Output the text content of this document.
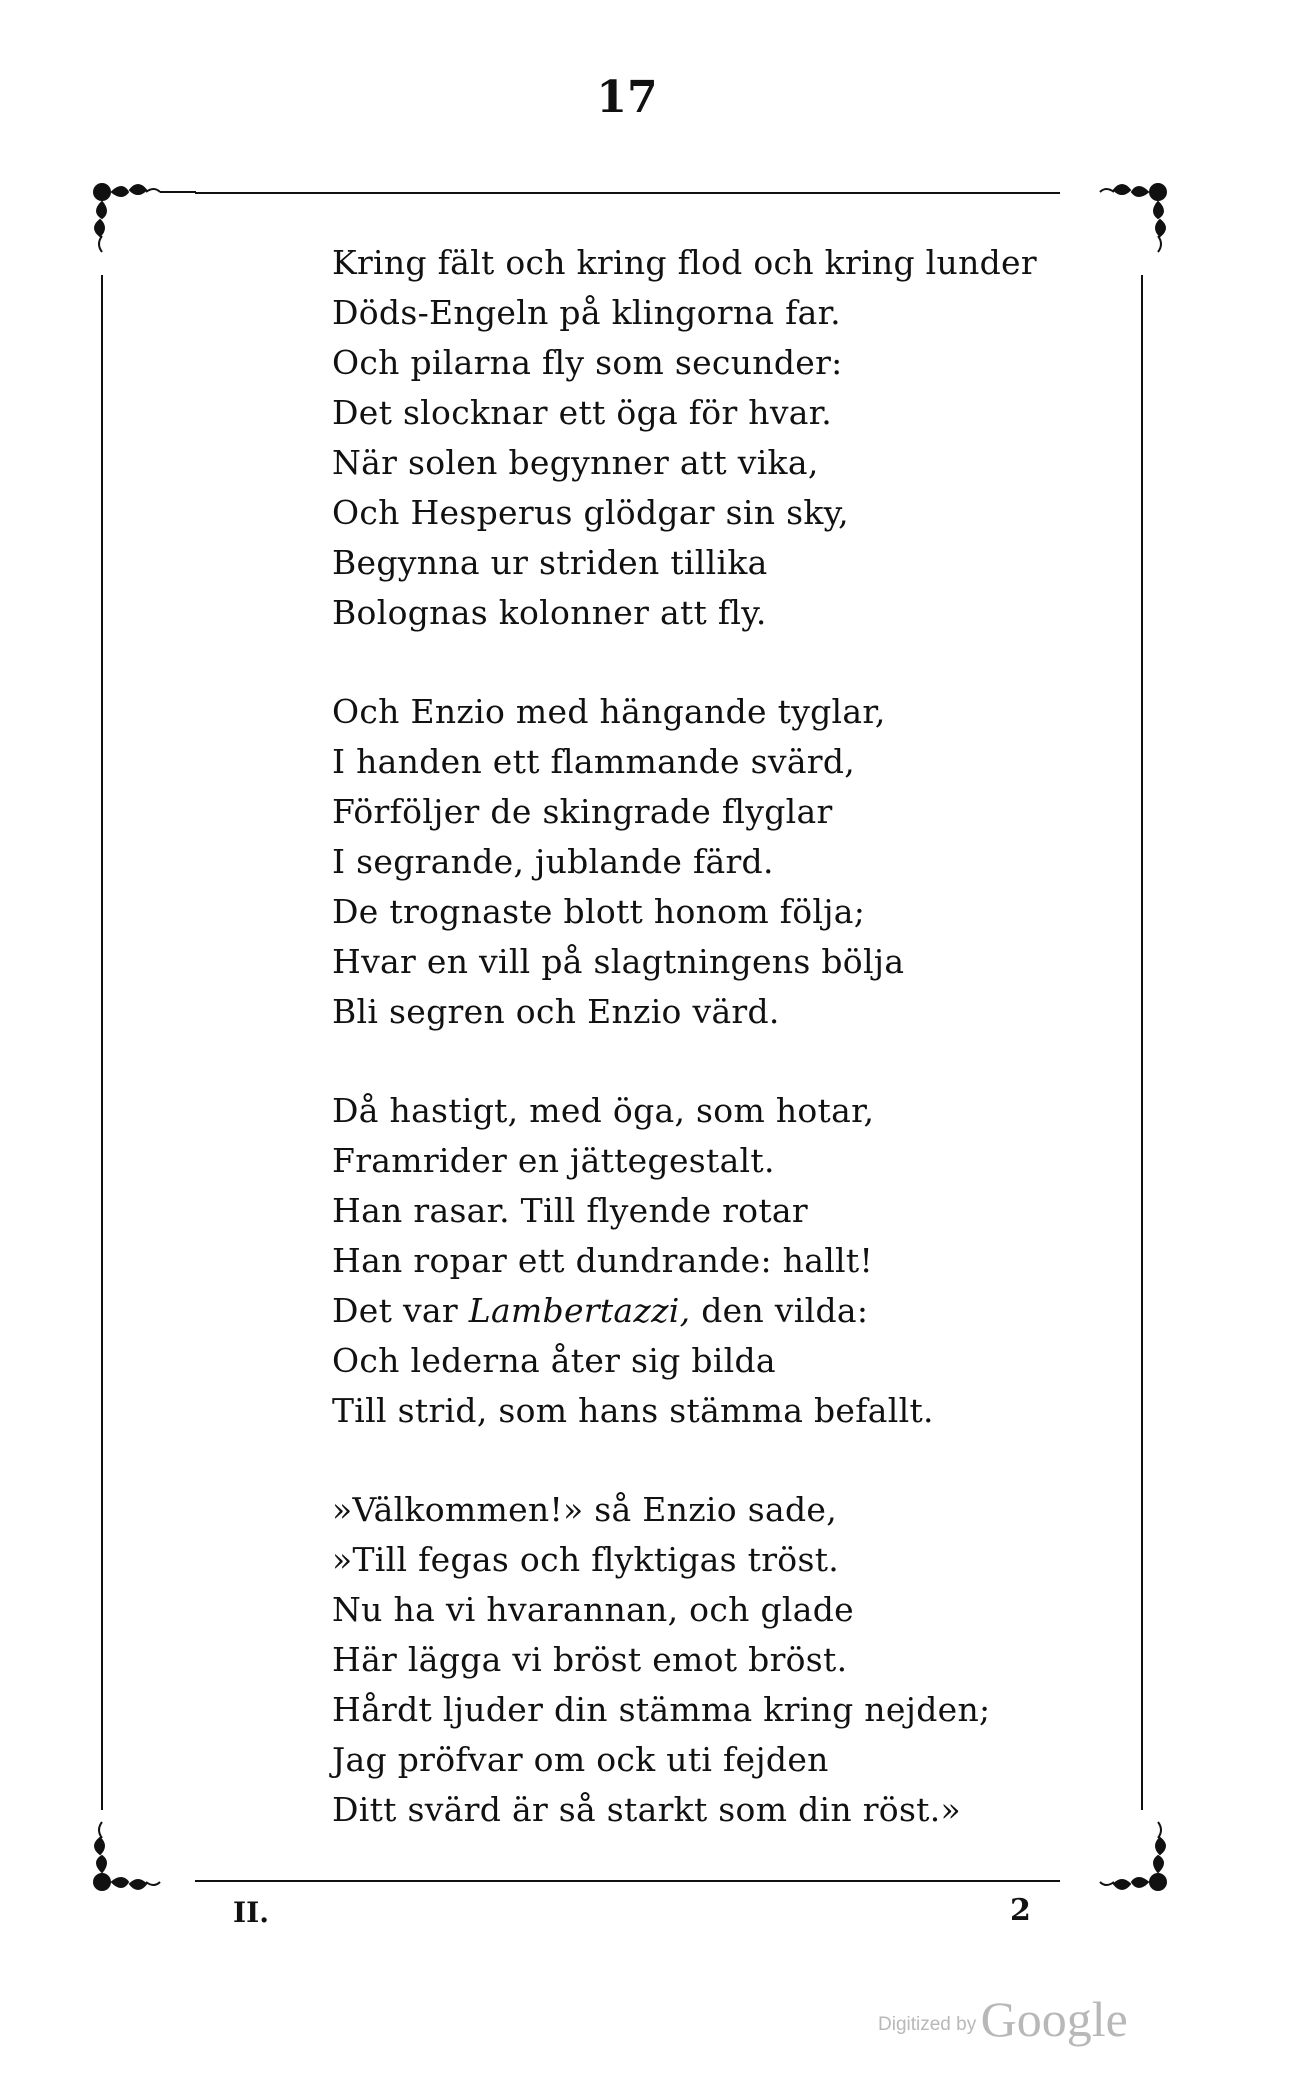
17
Kring fält och kring flod och kring lunder
Döds-Engeln på klingorna far.
Och pilarna fly som secunder:
Det slocknar ett öga för hvar.
När solen begynner att vika,
Och Hesperus glödgar sin sky,
Begynna ur striden tillika
Bolognas kolonner att fly.
Och Enzio med hängande tyglar,
I handen ett flammande svärd,
Förföljer de skingrade flyglar
I segrande, jublande färd.
De trognaste blott honom följa;
Hvar en vill på slagtningens bölja
Bli segren och Enzio värd.
Då hastigt, med öga, som hotar,
Framrider en jättegestalt.
Han rasar. Till flyende rotar
Han ropar ett dundrande: hallt!
Det var Lambertazzi, den vilda:
Och lederna åter sig bilda
Till strid, som hans stämma befallt.
»Välkommen!» så Enzio sade,
»Till fegas och flyktigas tröst.
Nu ha vi hvarannan, och glade
Här lägga vi bröst emot bröst.
Hårdt ljuder din stämma kring nejden;
Jag pröfvar om ock uti fejden
Ditt svärd är så starkt som din röst.»
II.	2
Digitized by Google
